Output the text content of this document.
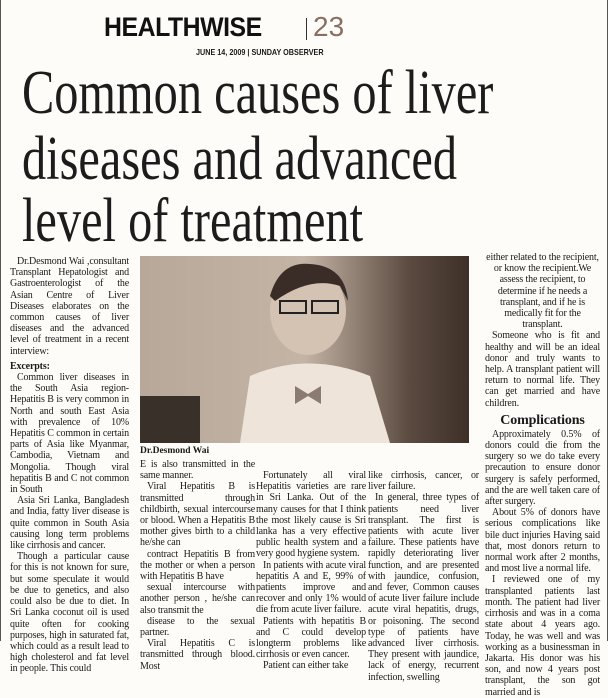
HEALTHWISE 23
JUNE 14, 2009 | SUNDAY OBSERVER
Common causes of liver
diseases and advanced
level of treatment

Dr.Desmond Wai ,consultant Transplant Hepatologist and Gastroenterologist of the Asian Centre of Liver Diseases elaborates on the common causes of liver diseases and the advanced level of treatment in a recent interview:

Excerpts:

Common liver diseases in the South Asia region- Hepatitis B is very common in North and south East Asia with prevalence of 10% Hepatitis C common in certain parts of Asia like Myanmar, Cambodia, Vietnam and Mongolia. Though viral hepatitis B and C not common in South

Asia Sri Lanka, Bangladesh and India, fatty liver disease is quite common in South Asia causing long term problems like cirrhosis and cancer.

Though a particular cause for this is not known for sure, but some speculate it would be due to genetics, and also could also be due to diet. In Sri Lanka coconut oil is used quite often for cooking purposes, high in saturated fat, which could as a result lead to high cholesterol and fat level in people. This could

Dr.Desmond Wai

E is also transmitted in the same manner.

Viral Hepatitis B is transmitted through childbirth, sexual intercourse or blood. When a Hepatitis B mother gives birth to a child he/she can

contract Hepatitis B from the mother or when a person with Hepatitis B have

sexual intercourse with another person , he/she can also transmit the

disease to the sexual partner.

Viral Hepatitis C is transmitted through blood. Most

Fortunately all viral Hepatitis varieties are rare in Sri Lanka. Out of the many causes for that I think the most likely cause is Sri lanka has a very effective public health system and a very good hygiene system.

In patients with acute viral hepatitis A and E, 99% of patients improve and recover and only 1% would die from acute liver failure.

Patients with hepatitis B and C could develop longterm problems like cirrhosis or even cancer.

Patient can either take

like cirrhosis, cancer, or liver failure.

In general, three types of patients need liver transplant. The first is patients with acute liver failure. These patients have rapidly deteriorating liver function, and are presented with jaundice, confusion, and fever, Common causes of acute liver failure include acute viral hepatitis, drugs, or poisoning. The second type of patients have advanced liver cirrhosis. They present with jaundice, lack of energy, recurrent infection, swelling

either related to the recipient, or know the recipient.We assess the recipient, to determine if he needs a transplant, and if he is medically fit for the transplant.

Someone who is fit and healthy and will be an ideal donor and truly wants to help. A transplant patient will return to normal life. They can get married and have children.

Complications

Approximately 0.5% of donors could die from the surgery so we do take every precaution to ensure donor surgery is safely performed, and the are well taken care of after surgery.

About 5% of donors have serious complications like bile duct injuries Having said that, most donors return to normal work after 2 months, and most live a normal life.

I reviewed one of my transplanted patients last month. The patient had liver cirrhosis and was in a coma state about 4 years ago. Today, he was well and was working as a businessman in Jakarta. His donor was his son, and now 4 years post transplant, the son got married and is
